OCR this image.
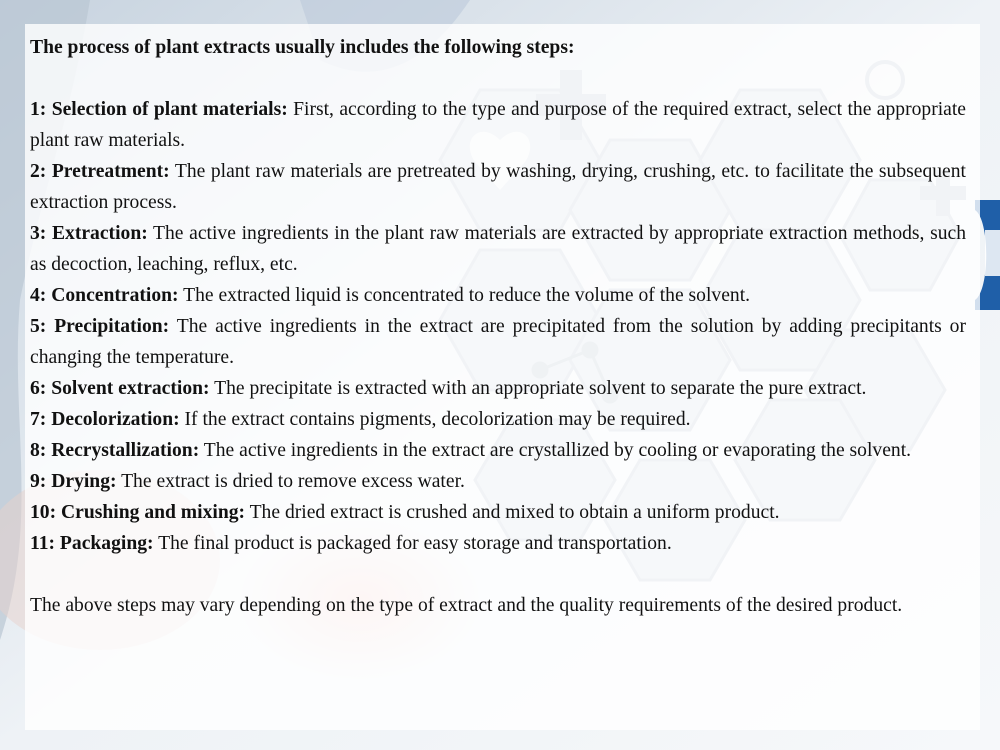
The process of plant extracts usually includes the following steps:

1: Selection of plant materials: First, according to the type and purpose of the required extract, select the appropriate plant raw materials.

2: Pretreatment: The plant raw materials are pretreated by washing, drying, crushing, etc. to facilitate the subsequent extraction process.

3: Extraction: The active ingredients in the plant raw materials are extracted by appropriate extraction methods, such as decoction, leaching, reflux, etc.

4: Concentration: The extracted liquid is concentrated to reduce the volume of the solvent.

5: Precipitation: The active ingredients in the extract are precipitated from the solution by adding precipitants or changing the temperature.

6: Solvent extraction: The precipitate is extracted with an appropriate solvent to separate the pure extract.

7: Decolorization: If the extract contains pigments, decolorization may be required.

8: Recrystallization: The active ingredients in the extract are crystallized by cooling or evaporating the solvent.

9: Drying: The extract is dried to remove excess water.

10: Crushing and mixing: The dried extract is crushed and mixed to obtain a uniform product.

11: Packaging: The final product is packaged for easy storage and transportation.

The above steps may vary depending on the type of extract and the quality requirements of the desired product.
